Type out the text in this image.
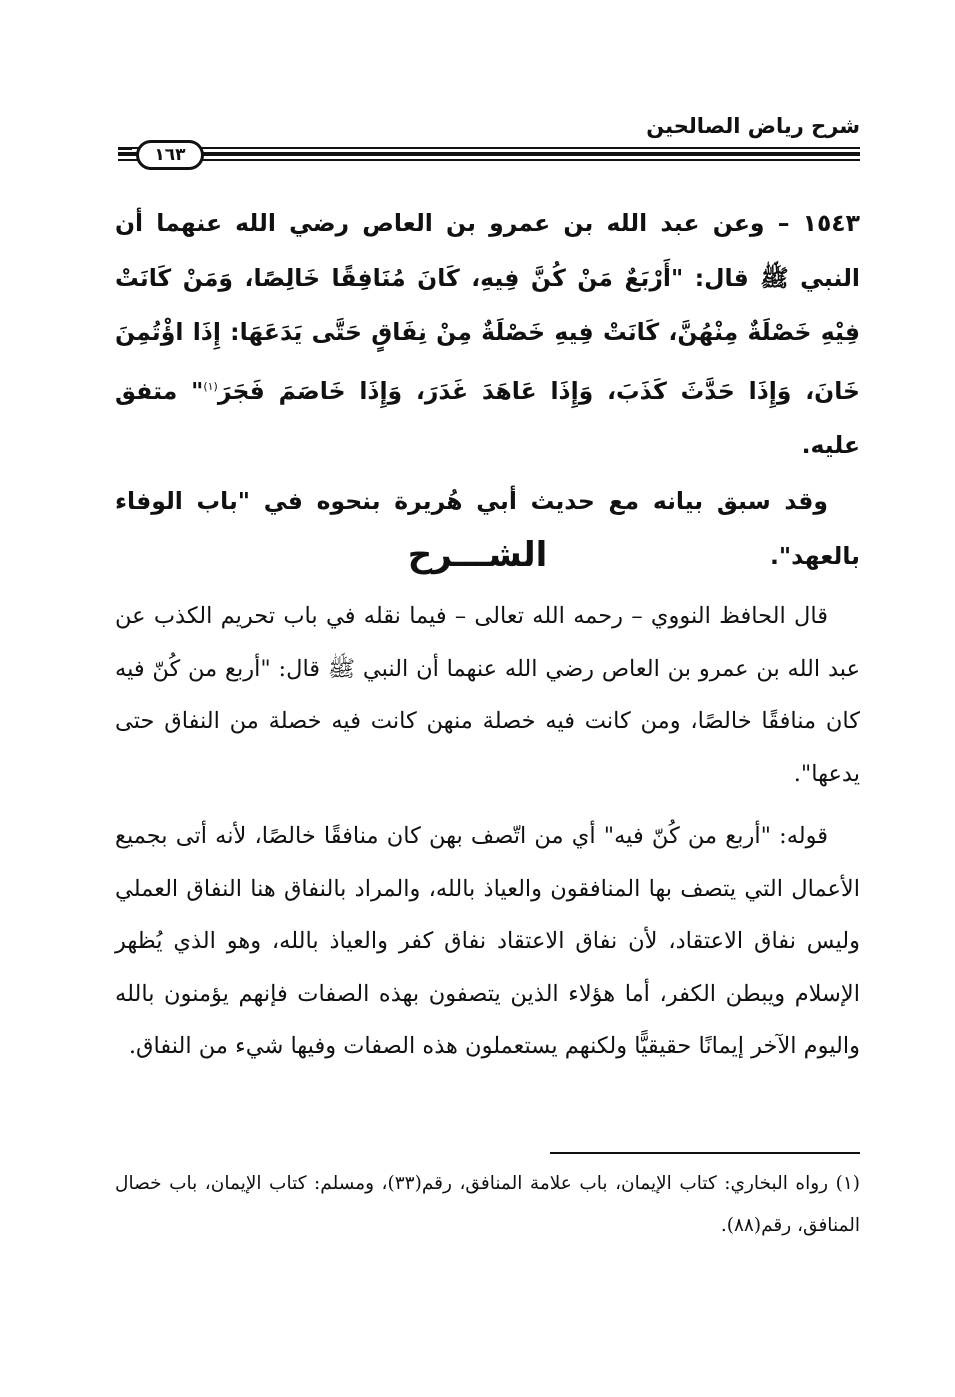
شرح رياض الصالحين
١٦٣

١٥٤٣ – وعن عبد الله بن عمرو بن العاص رضي الله عنهما أن النبي ﷺ قال: "أَرْبَعٌ مَنْ كُنَّ فِيهِ، كَانَ مُنَافِقًا خَالِصًا، وَمَنْ كَانَتْ فِيْهِ خَصْلَةٌ مِنْهُنَّ، كَانَتْ فِيهِ خَصْلَةٌ مِنْ نِفَاقٍ حَتَّى يَدَعَهَا: إِذَا اؤْتُمِنَ خَانَ، وَإِذَا حَدَّثَ كَذَبَ، وَإِذَا عَاهَدَ غَدَرَ، وَإِذَا خَاصَمَ فَجَرَ$^{(١)}$" متفق عليه.

وقد سبق بيانه مع حديث أبي هُريرة بنحوه في "باب الوفاء بالعهد".

الشـــرح

قال الحافظ النووي – رحمه الله تعالى – فيما نقله في باب تحريم الكذب عن عبد الله بن عمرو بن العاص رضي الله عنهما أن النبي ﷺ قال: "أربع من كُنّ فيه كان منافقًا خالصًا، ومن كانت فيه خصلة منهن كانت فيه خصلة من النفاق حتى يدعها".

قوله: "أربع من كُنّ فيه" أي من اتّصف بهن كان منافقًا خالصًا، لأنه أتى بجميع الأعمال التي يتصف بها المنافقون والعياذ بالله، والمراد بالنفاق هنا النفاق العملي وليس نفاق الاعتقاد، لأن نفاق الاعتقاد نفاق كفر والعياذ بالله، وهو الذي يُظهر الإسلام ويبطن الكفر، أما هؤلاء الذين يتصفون بهذه الصفات فإنهم يؤمنون بالله واليوم الآخر إيمانًا حقيقيًّا ولكنهم يستعملون هذه الصفات وفيها شيء من النفاق.

(١) رواه البخاري: كتاب الإيمان، باب علامة المنافق، رقم(٣٣)، ومسلم: كتاب الإيمان، باب خصال المنافق، رقم(٨٨).
